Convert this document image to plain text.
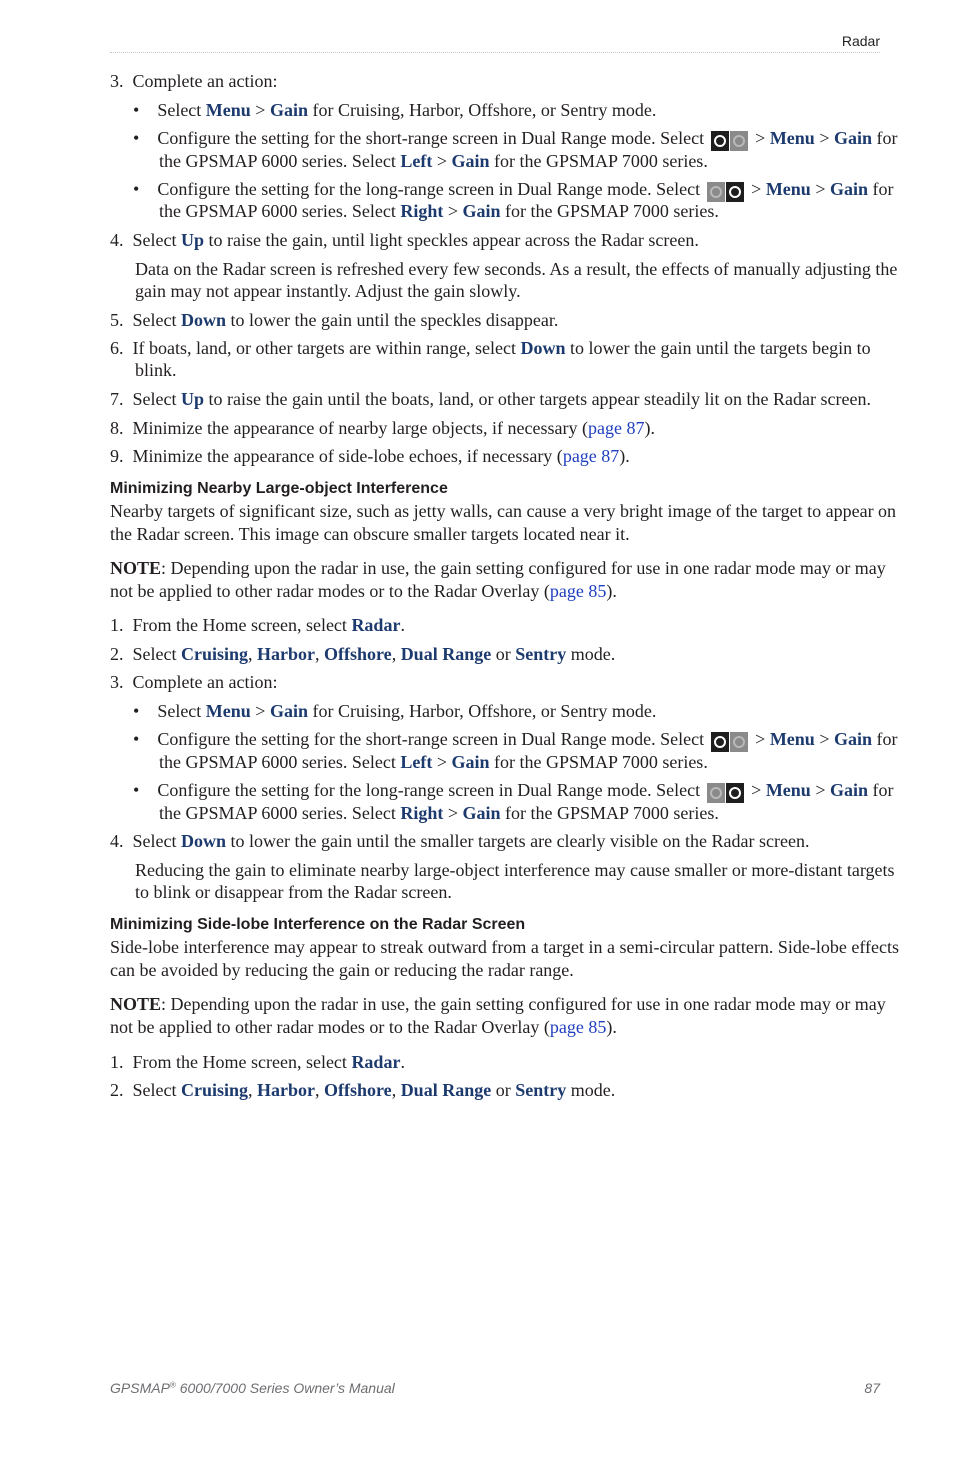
Radar
3. Complete an action:
•  Select Menu > Gain for Cruising, Harbor, Offshore, or Sentry mode.
•  Configure the setting for the short-range screen in Dual Range mode. Select
> Menu > Gain for
the GPSMAP 6000 series. Select Left > Gain for the GPSMAP 7000 series.
•  Configure the setting for the long-range screen in Dual Range mode. Select
> Menu > Gain for
the GPSMAP 6000 series. Select Right > Gain for the GPSMAP 7000 series.
4. Select Up to raise the gain, until light speckles appear across the Radar screen.
Data on the Radar screen is refreshed every few seconds. As a result, the effects of manually adjusting the
gain may not appear instantly. Adjust the gain slowly.
5. Select Down to lower the gain until the speckles disappear.
6. If boats, land, or other targets are within range, select Down to lower the gain until the targets begin to
blink.
7. Select Up to raise the gain until the boats, land, or other targets appear steadily lit on the Radar screen.
8. Minimize the appearance of nearby large objects, if necessary (page 87).
9. Minimize the appearance of side-lobe echoes, if necessary (page 87).
Minimizing Nearby Large-object Interference
Nearby targets of significant size, such as jetty walls, can cause a very bright image of the target to appear on
the Radar screen. This image can obscure smaller targets located near it.
NOTE: Depending upon the radar in use, the gain setting configured for use in one radar mode may or may
not be applied to other radar modes or to the Radar Overlay (page 85).
1. From the Home screen, select Radar.
2. Select Cruising, Harbor, Offshore, Dual Range or Sentry mode.
3. Complete an action:
•  Select Menu > Gain for Cruising, Harbor, Offshore, or Sentry mode.
•  Configure the setting for the short-range screen in Dual Range mode. Select
> Menu > Gain for
the GPSMAP 6000 series. Select Left > Gain for the GPSMAP 7000 series.
•  Configure the setting for the long-range screen in Dual Range mode. Select
> Menu > Gain for
the GPSMAP 6000 series. Select Right > Gain for the GPSMAP 7000 series.
4. Select Down to lower the gain until the smaller targets are clearly visible on the Radar screen.
Reducing the gain to eliminate nearby large-object interference may cause smaller or more-distant targets
to blink or disappear from the Radar screen.
Minimizing Side-lobe Interference on the Radar Screen
Side-lobe interference may appear to streak outward from a target in a semi-circular pattern. Side-lobe effects
can be avoided by reducing the gain or reducing the radar range.
NOTE: Depending upon the radar in use, the gain setting configured for use in one radar mode may or may
not be applied to other radar modes or to the Radar Overlay (page 85).
1. From the Home screen, select Radar.
2. Select Cruising, Harbor, Offshore, Dual Range or Sentry mode.
GPSMAP® 6000/7000 Series Owner’s Manual	87
